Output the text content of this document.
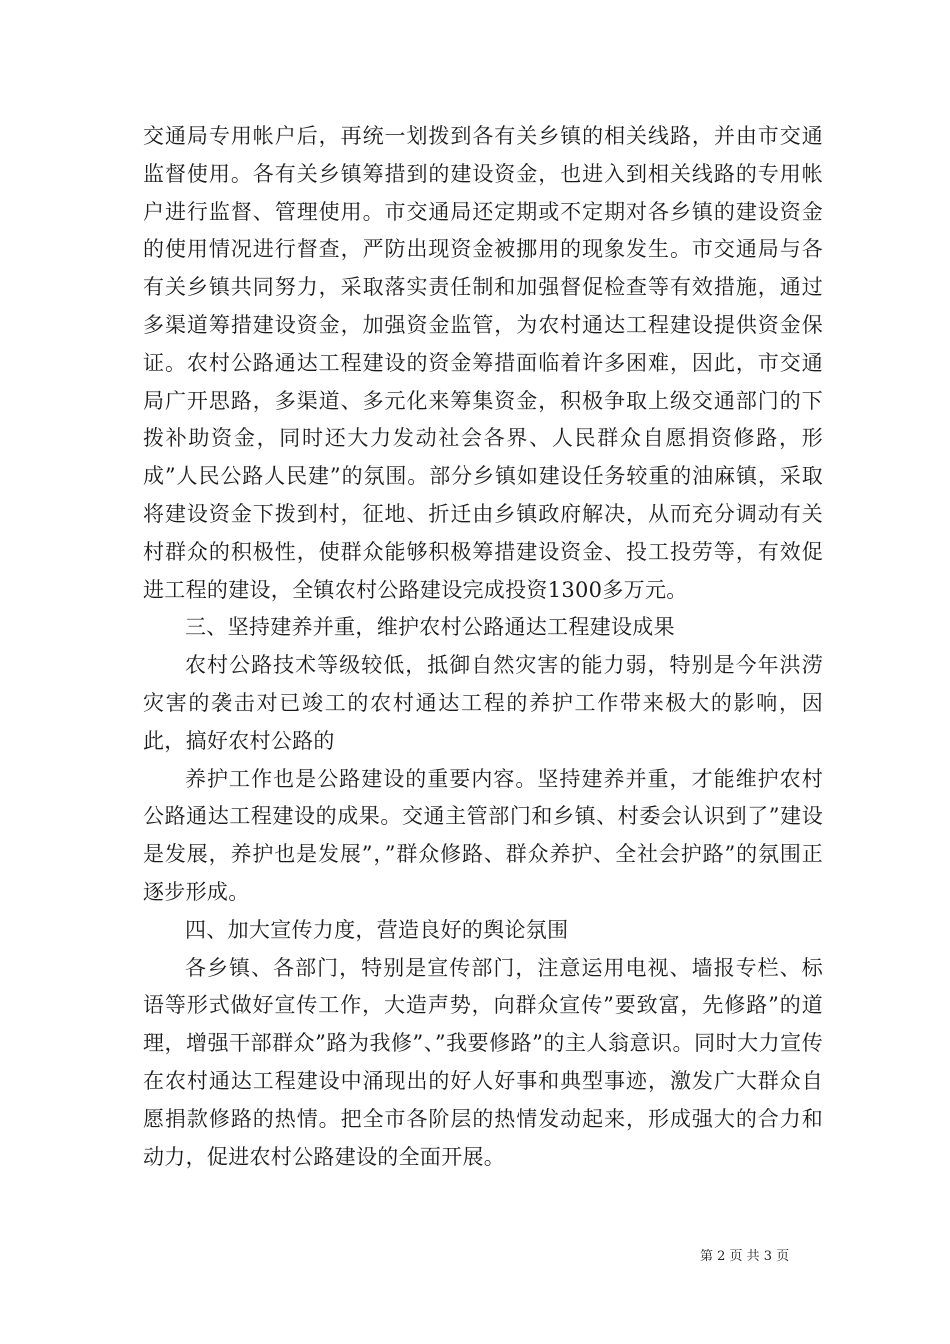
交通局专用帐户后，再统一划拨到各有关乡镇的相关线路，并由市交通监督使用。各有关乡镇筹措到的建设资金，也进入到相关线路的专用帐户进行监督、管理使用。市交通局还定期或不定期对各乡镇的建设资金的使用情况进行督查，严防出现资金被挪用的现象发生。市交通局与各有关乡镇共同努力，采取落实责任制和加强督促检查等有效措施，通过多渠道筹措建设资金，加强资金监管，为农村通达工程建设提供资金保证。农村公路通达工程建设的资金筹措面临着许多困难，因此，市交通局广开思路，多渠道、多元化来筹集资金，积极争取上级交通部门的下拨补助资金，同时还大力发动社会各界、人民群众自愿捐资修路，形成”人民公路人民建”的氛围。部分乡镇如建设任务较重的油麻镇，采取将建设资金下拨到村，征地、折迁由乡镇政府解决，从而充分调动有关村群众的积极性，使群众能够积极筹措建设资金、投工投劳等，有效促进工程的建设，全镇农村公路建设完成投资1300多万元。

三、坚持建养并重，维护农村公路通达工程建设成果

农村公路技术等级较低，抵御自然灾害的能力弱，特别是今年洪涝灾害的袭击对已竣工的农村通达工程的养护工作带来极大的影响，因此，搞好农村公路的

养护工作也是公路建设的重要内容。坚持建养并重，才能维护农村公路通达工程建设的成果。交通主管部门和乡镇、村委会认识到了”建设是发展，养护也是发展”，”群众修路、群众养护、全社会护路”的氛围正逐步形成。

四、加大宣传力度，营造良好的舆论氛围

各乡镇、各部门，特别是宣传部门，注意运用电视、墙报专栏、标语等形式做好宣传工作，大造声势，向群众宣传”要致富，先修路”的道理，增强干部群众”路为我修”、”我要修路”的主人翁意识。同时大力宣传在农村通达工程建设中涌现出的好人好事和典型事迹，激发广大群众自愿捐款修路的热情。把全市各阶层的热情发动起来，形成强大的合力和动力，促进农村公路建设的全面开展。

第 2 页 共 3 页
